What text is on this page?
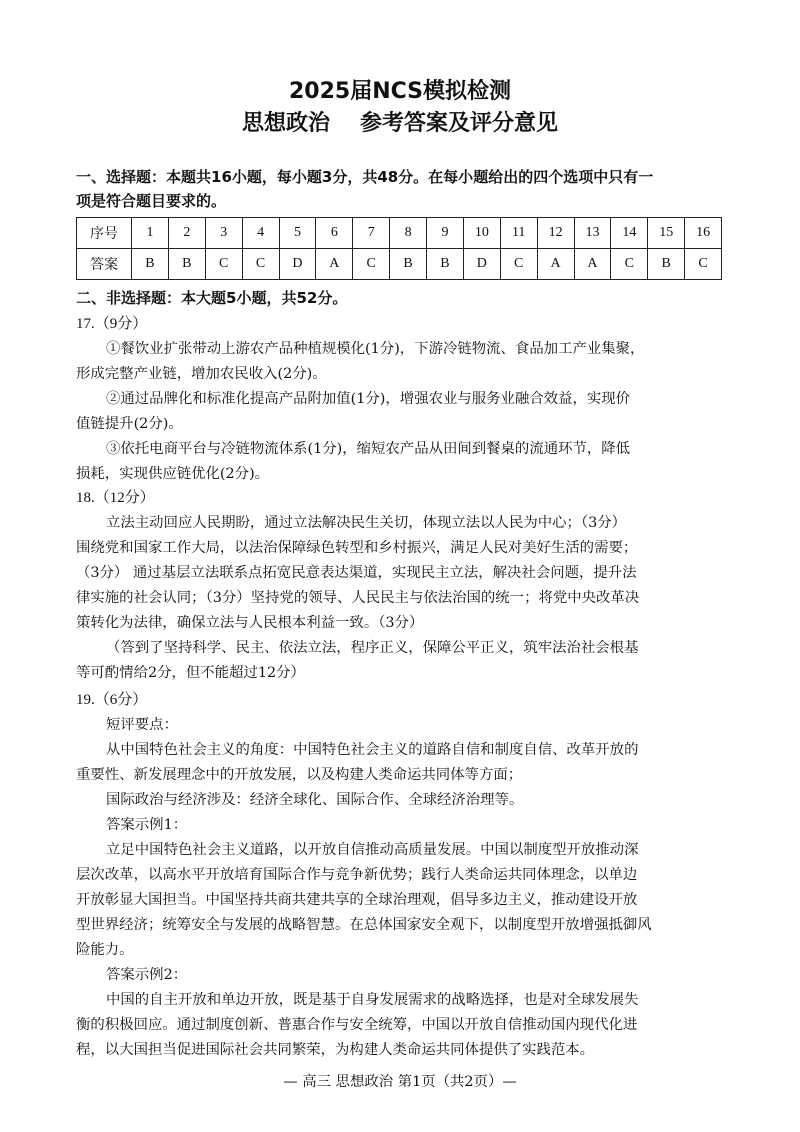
2025届NCS模拟检测
思想政治 参考答案及评分意见
一、选择题：本题共16小题，每小题3分，共48分。在每小题给出的四个选项中只有一
项是符合题目要求的。
序号	1	2	3	4	5	6	7	8	9	10	11	12	13	14	15	16
答案	B	B	C	C	D	A	C	B	B	D	C	A	A	C	B	C
二、非选择题：本大题5小题，共52分。

17.（9分）

①餐饮业扩张带动上游农产品种植规模化(1分)，下游冷链物流、食品加工产业集聚，

形成完整产业链，增加农民收入(2分)。

②通过品牌化和标准化提高产品附加值(1分)，增强农业与服务业融合效益，实现价

值链提升(2分)。

③依托电商平台与冷链物流体系(1分)，缩短农产品从田间到餐桌的流通环节，降低

损耗，实现供应链优化(2分)。

18.（12分）

立法主动回应人民期盼，通过立法解决民生关切，体现立法以人民为中心；（3分）

围绕党和国家工作大局，以法治保障绿色转型和乡村振兴，满足人民对美好生活的需要；

（3分） 通过基层立法联系点拓宽民意表达渠道，实现民主立法，解决社会问题，提升法

律实施的社会认同；（3分）坚持党的领导、人民民主与依法治国的统一；将党中央改革决

策转化为法律，确保立法与人民根本利益一致。（3分）

（答到了坚持科学、民主、依法立法，程序正义，保障公平正义，筑牢法治社会根基

等可酌情给2分，但不能超过12分）

19.（6分）

短评要点：

从中国特色社会主义的角度：中国特色社会主义的道路自信和制度自信、改革开放的

重要性、新发展理念中的开放发展，以及构建人类命运共同体等方面；

国际政治与经济涉及：经济全球化、国际合作、全球经济治理等。

答案示例1：

立足中国特色社会主义道路，以开放自信推动高质量发展。中国以制度型开放推动深

层次改革，以高水平开放培育国际合作与竞争新优势；践行人类命运共同体理念，以单边

开放彰显大国担当。中国坚持共商共建共享的全球治理观，倡导多边主义，推动建设开放

型世界经济；统筹安全与发展的战略智慧。在总体国家安全观下，以制度型开放增强抵御风

险能力。

答案示例2：

中国的自主开放和单边开放，既是基于自身发展需求的战略选择，也是对全球发展失

衡的积极回应。通过制度创新、普惠合作与安全统筹，中国以开放自信推动国内现代化进

程，以大国担当促进国际社会共同繁荣，为构建人类命运共同体提供了实践范本。

— 高三 思想政治 第1页（共2页）—
